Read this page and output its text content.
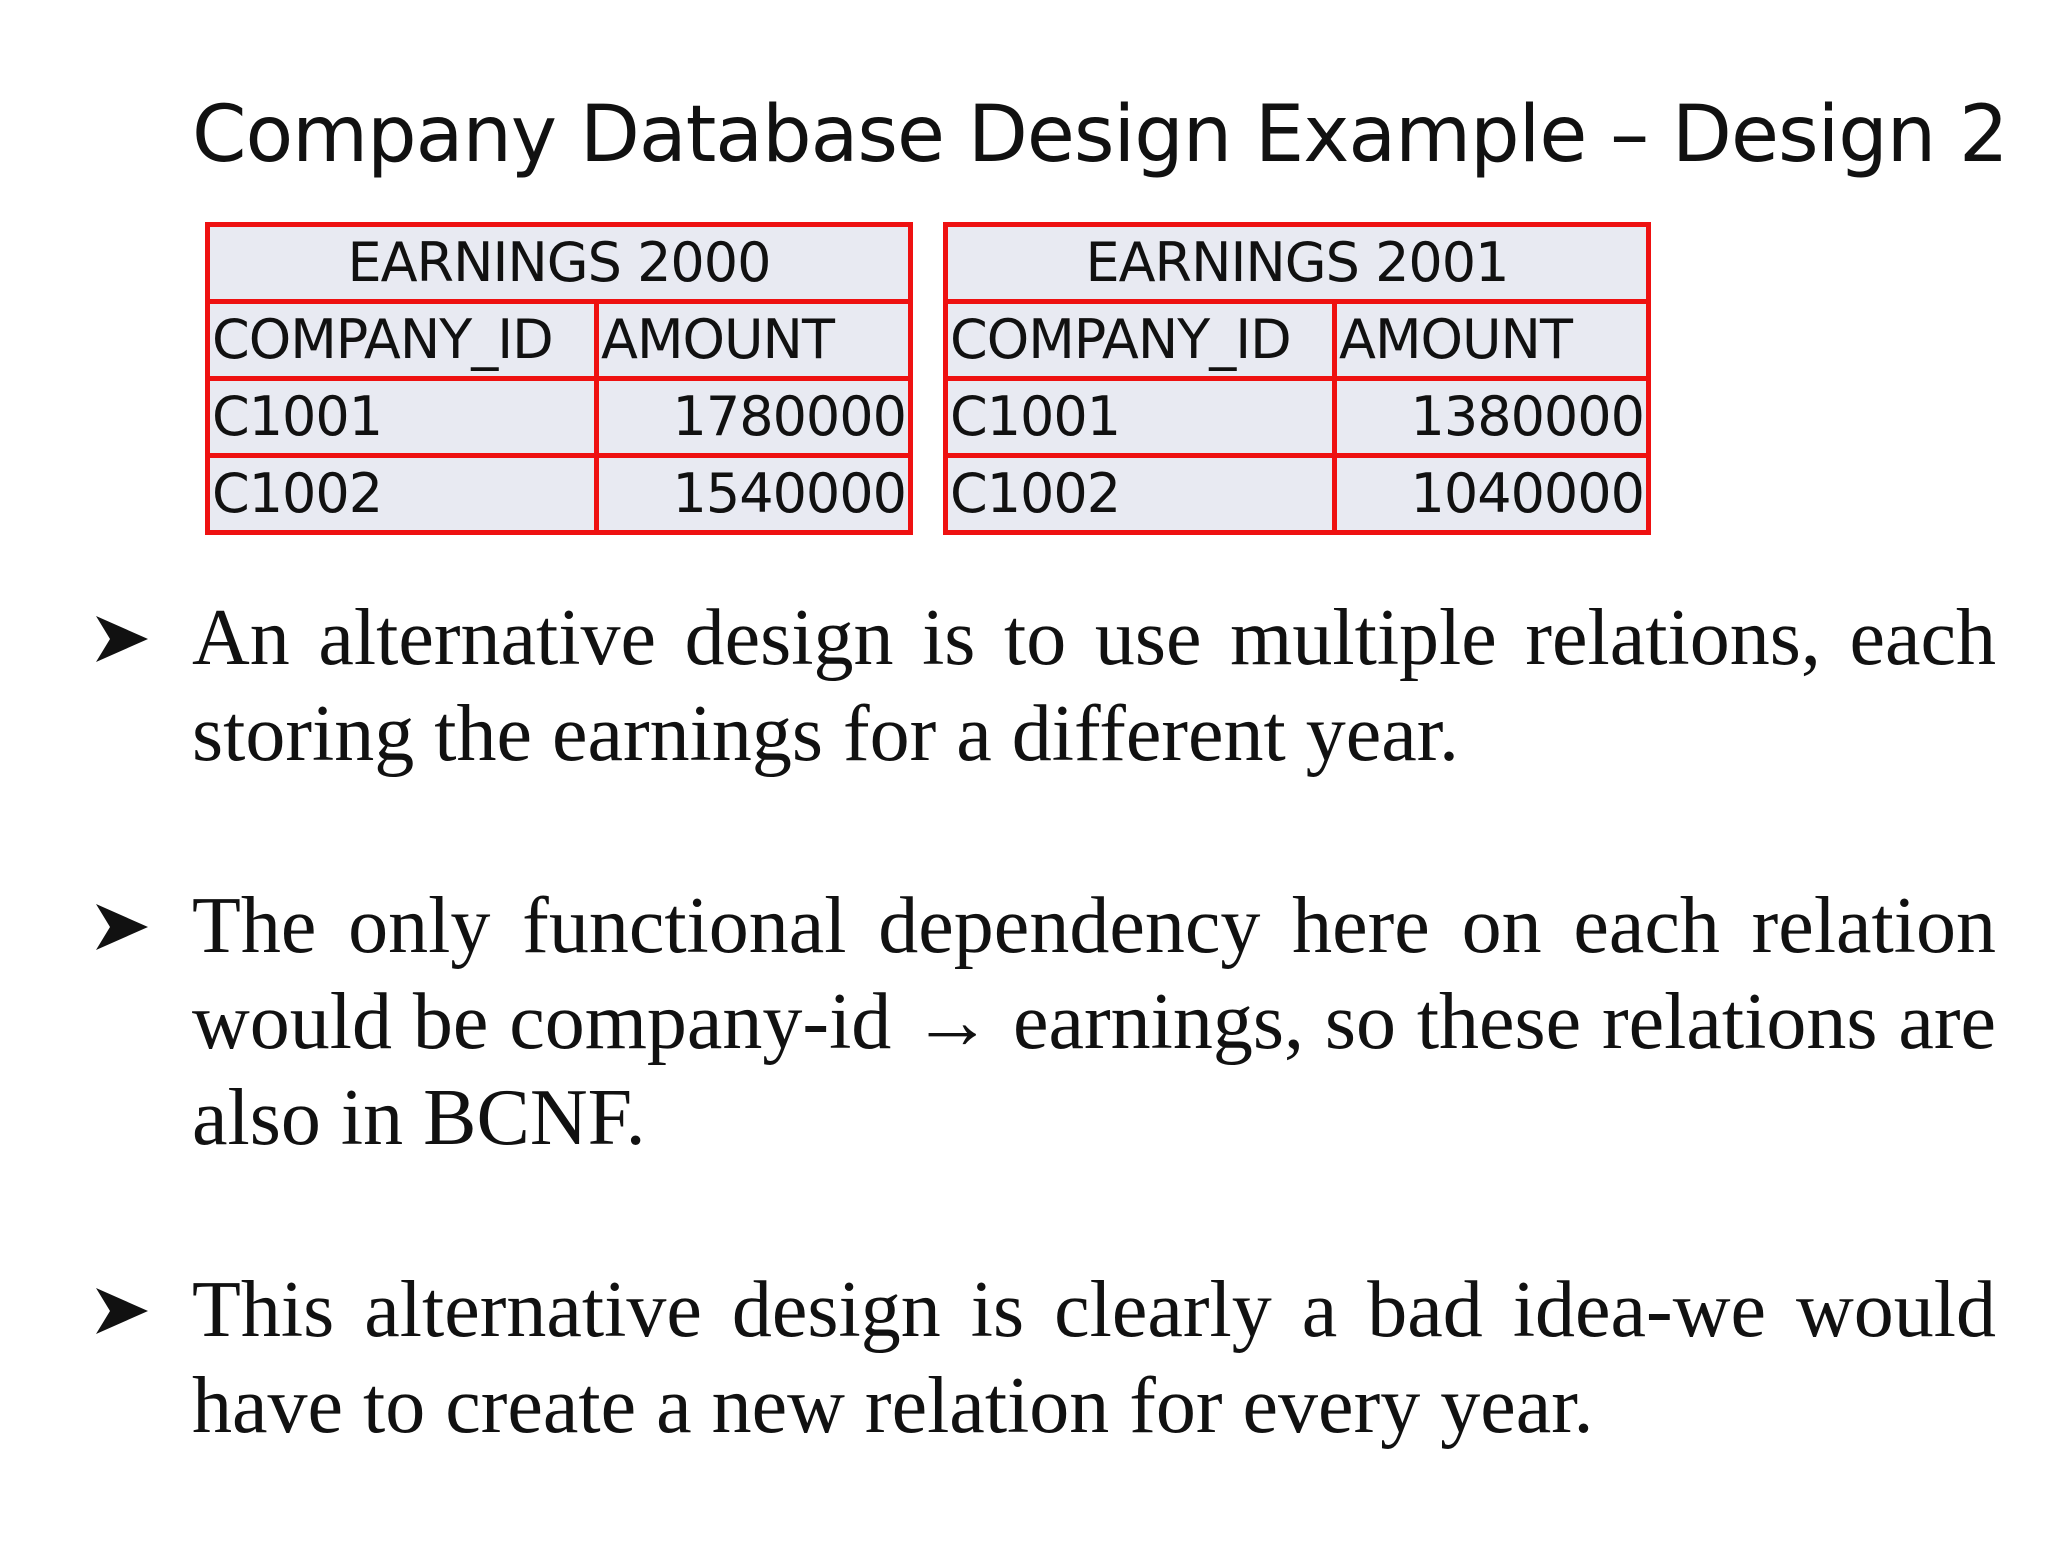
Company Database Design Example – Design 2
EARNINGS 2000	
COMPANY_ID	AMOUNT
C1001	1780000
C1002	1540000
EARNINGS 2001	
COMPANY_ID	AMOUNT
C1001	1380000
C1002	1040000
An alternative design is to use multiple relations, each storing the earnings for a different year.
The only functional dependency here on each relation would be company-id → earnings, so these relations are also in BCNF.
This alternative design is clearly a bad idea-we would have to create a new relation for every year.
